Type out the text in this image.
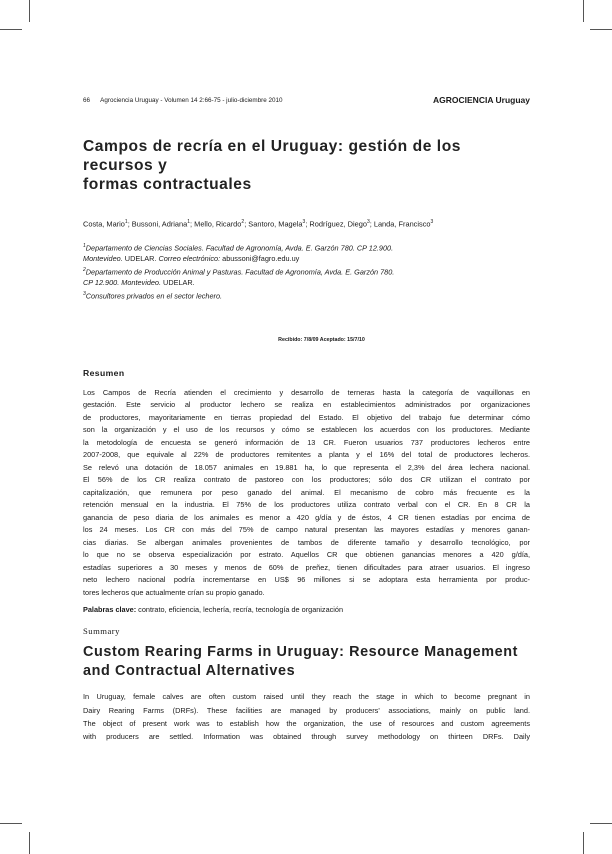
66 Agrociencia Uruguay - Volumen 14 2:66-75 - julio-diciembre 2010	AGROCIENCIA Uruguay
Campos de recría en el Uruguay: gestión de los recursos y
formas contractuales
Costa, Mario$^1$; Bussoni, Adriana$^1$; Mello, Ricardo$^2$; Santoro, Magela$^3$; Rodríguez, Diego$^3$; Landa, Francisco$^3$
$^1$Departamento de Ciencias Sociales. Facultad de Agronomía, Avda. E. Garzón 780. CP 12.900.
Montevideo. UDELAR. Correo electrónico: abussoni@fagro.edu.uy
$^2$Departamento de Producción Animal y Pasturas. Facultad de Agronomía, Avda. E. Garzón 780.
CP 12.900. Montevideo. UDELAR.
$^3$Consultores privados en el sector lechero.
Recibido: 7/8/09 Aceptado: 15/7/10
Resumen
Los Campos de Recría atienden el crecimiento y desarrollo de terneras hasta la categoría de vaquillonas en
gestación. Este servicio al productor lechero se realiza en establecimientos administrados por organizaciones
de productores, mayoritariamente en tierras propiedad del Estado. El objetivo del trabajo fue determinar cómo
son la organización y el uso de los recursos y cómo se establecen los acuerdos con los productores. Mediante
la metodología de encuesta se generó información de 13 CR. Fueron usuarios 737 productores lecheros entre
2007-2008, que equivale al 22% de productores remitentes a planta y el 16% del total de productores lecheros.
Se relevó una dotación de 18.057 animales en 19.881 ha, lo que representa el 2,3% del área lechera nacional.
El 56% de los CR realiza contrato de pastoreo con los productores; sólo dos CR utilizan el contrato por
capitalización, que remunera por peso ganado del animal. El mecanismo de cobro más frecuente es la
retención mensual en la industria. El 75% de los productores utiliza contrato verbal con el CR. En 8 CR la
ganancia de peso diaria de los animales es menor a 420 g/día y de éstos, 4 CR tienen estadías por encima de
los 24 meses. Los CR con más del 75% de campo natural presentan las mayores estadías y menores ganan-
cias diarias. Se albergan animales provenientes de tambos de diferente tamaño y desarrollo tecnológico, por
lo que no se observa especialización por estrato. Aquellos CR que obtienen ganancias menores a 420 g/día,
estadías superiores a 30 meses y menos de 60% de preñez, tienen dificultades para atraer usuarios. El ingreso
neto lechero nacional podría incrementarse en US$ 96 millones si se adoptara esta herramienta por produc-
tores lecheros que actualmente crían su propio ganado.
Palabras clave: contrato, eficiencia, lechería, recría, tecnología de organización
Summary
Custom Rearing Farms in Uruguay: Resource Management
and Contractual Alternatives
In Uruguay, female calves are often custom raised until they reach the stage in which to become pregnant in
Dairy Rearing Farms (DRFs). These facilities are managed by producers' associations, mainly on public land.
The object of present work was to establish how the organization, the use of resources and custom agreements
with producers are settled. Information was obtained through survey methodology on thirteen DRFs. Daily
